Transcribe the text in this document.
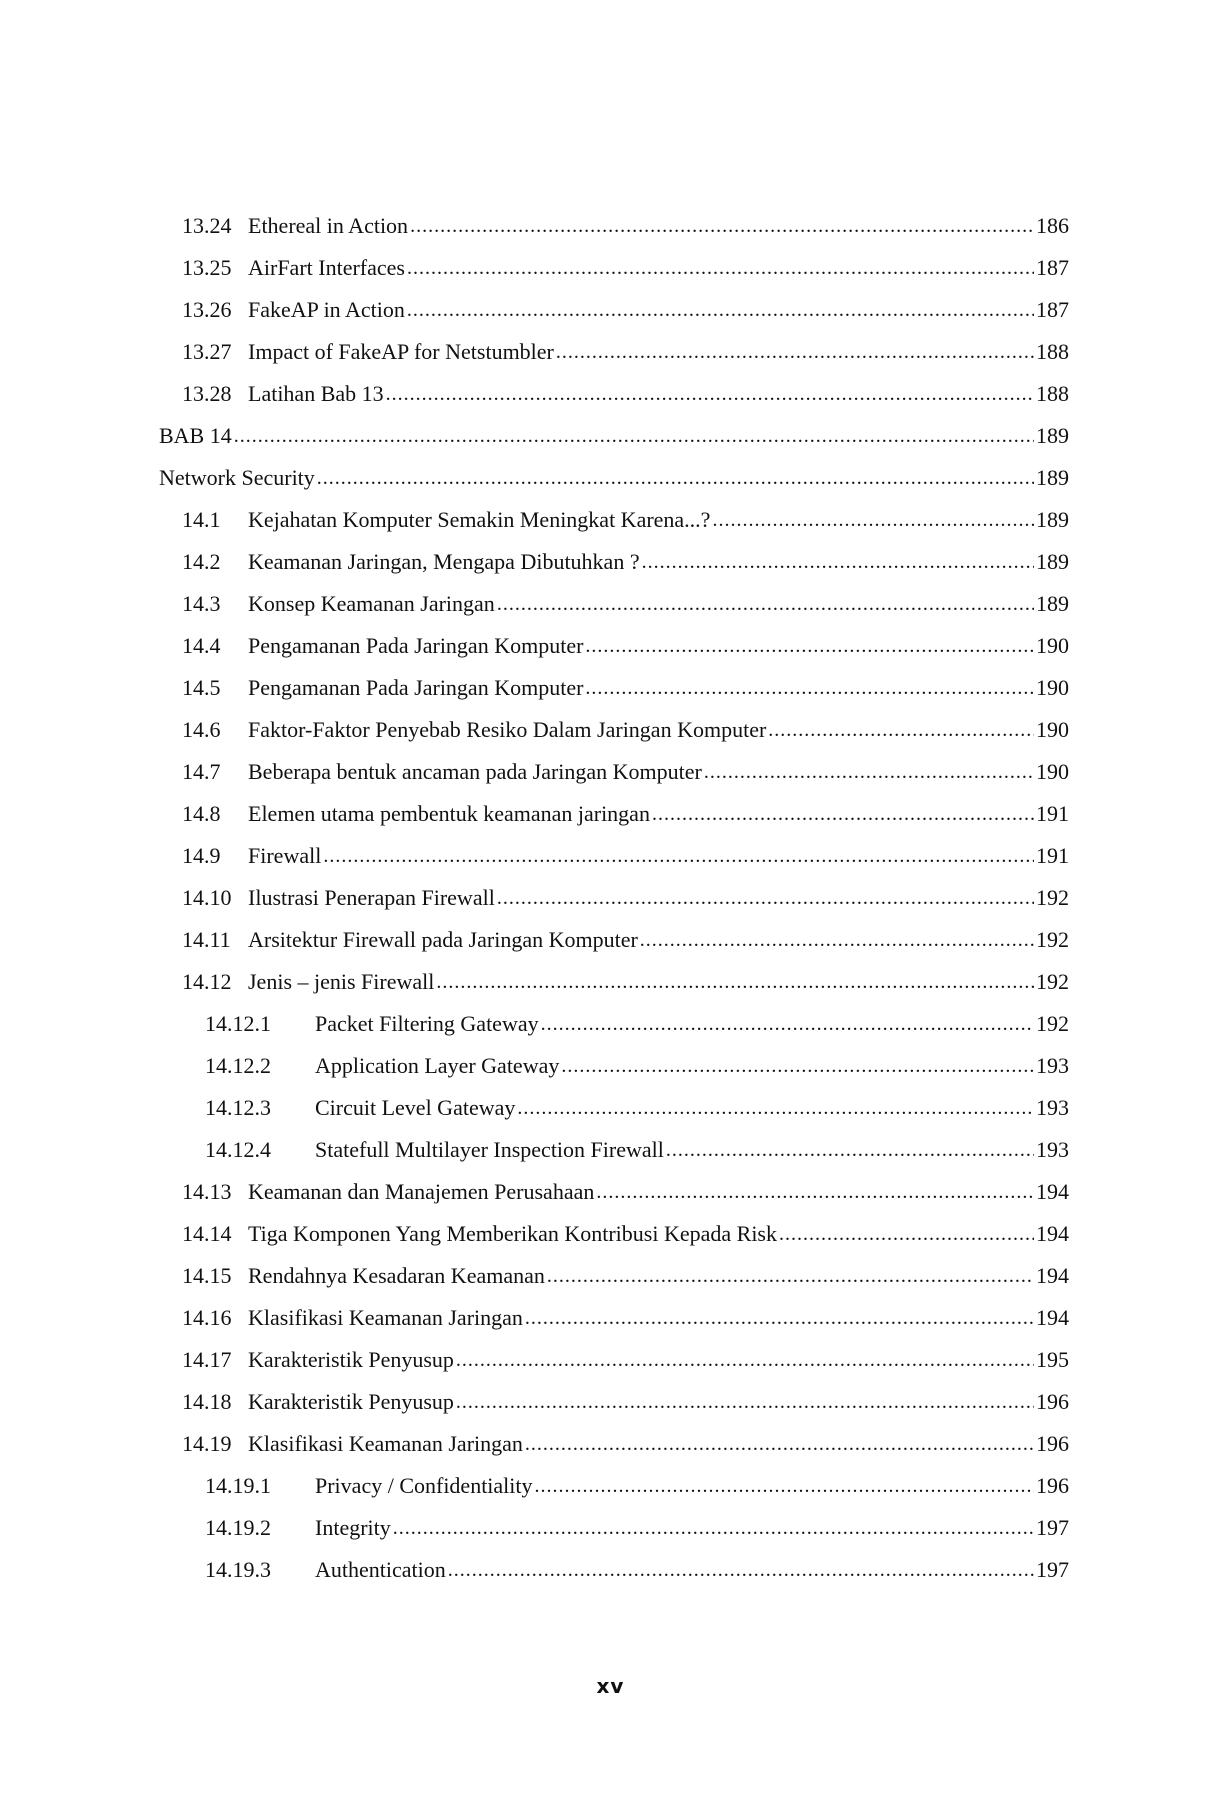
13.24 Ethereal in Action .....	186
13.25 AirFart Interfaces .....	187
13.26 FakeAP in Action .....	187
13.27 Impact of FakeAP for Netstumbler .....	188
13.28 Latihan Bab 13 .....	188
BAB 14 .....	189
Network Security .....	189
14.1	Kejahatan Komputer Semakin Meningkat Karena...? .....	189
14.2	Keamanan Jaringan, Mengapa Dibutuhkan ? .....	189
14.3	Konsep Keamanan Jaringan .....	189
14.4	Pengamanan Pada Jaringan Komputer .....	190
14.5	Pengamanan Pada Jaringan Komputer .....	190
14.6	Faktor-Faktor Penyebab Resiko Dalam Jaringan Komputer .....	190
14.7	Beberapa bentuk ancaman pada Jaringan Komputer .....	190
14.8	Elemen utama pembentuk keamanan jaringan .....	191
14.9	Firewall .....	191
14.10 Ilustrasi Penerapan Firewall .....	192
14.11 Arsitektur Firewall pada Jaringan Komputer .....	192
14.12 Jenis – jenis Firewall .....	192
14.12.1	Packet Filtering Gateway .....	192
14.12.2	Application Layer Gateway .....	193
14.12.3	Circuit Level Gateway .....	193
14.12.4	Statefull Multilayer Inspection Firewall .....	193
14.13 Keamanan dan Manajemen Perusahaan .....	194
14.14 Tiga Komponen Yang Memberikan Kontribusi Kepada Risk .....	194
14.15 Rendahnya Kesadaran Keamanan .....	194
14.16 Klasifikasi Keamanan Jaringan .....	194
14.17 Karakteristik Penyusup .....	195
14.18 Karakteristik Penyusup .....	196
14.19 Klasifikasi Keamanan Jaringan .....	196
14.19.1	Privacy / Confidentiality .....	196
14.19.2	Integrity .....	197
14.19.3	Authentication .....	197
xv
